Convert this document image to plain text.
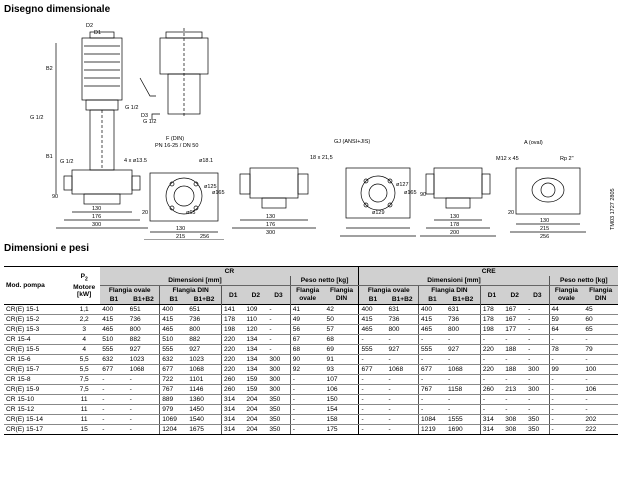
Disegno dimensionale
D2
D1
B2
B1
G 1/2
G 1/2
G 1/2
G 1/2
D3
F (DIN)
PN 16-25 / DN 50
4 x ø13.5	ø18.1
ø125
ø165
ø65
130
176
300
90
20
130
215	256
GJ (ANSI+JIS)
18 x 21,5
ø127
ø165
ø129
130
176
300
A (oval)
M12 x 45	Rp 2"
130
178
200
130
215
256
90
20	TM03 1727 2805
Dimensioni e pesi
Mod. pompa	$P_2$
Motore
[kW]	CR									CRE								
		Dimensioni [mm]							Peso netto [kg]		Dimensioni [mm]							Peso netto [kg]	
		Flangia ovale		Flangia DIN		D1	D2	D3	Flangia
ovale	Flangia
DIN	Flangia ovale		Flangia DIN		D1	D2	D3	Flangia
ovale	Flangia
DIN
		B1	B1+B2	B1	B1+B2						B1	B1+B2	B1	B1+B2					
CR(E) 15-1	1,1	400	651	400	651	141	109	-	41	42	400	631	400	631	178	167	-	44	45
CR(E) 15-2	2,2	415	736	415	736	178	110	-	49	50	415	736	415	736	178	167	-	59	60
CR(E) 15-3	3	465	800	465	800	198	120	-	56	57	465	800	465	800	198	177	-	64	65
CR 15-4	4	510	882	510	882	220	134	-	67	68	-	-	-	-	-	-	-	-	-
CR(E) 15-5	4	555	927	555	927	220	134	-	68	69	555	927	555	927	220	188	-	78	79
CR 15-6	5,5	632	1023	632	1023	220	134	300	90	91	-	-	-	-	-	-	-	-	-
CR(E) 15-7	5,5	677	1068	677	1068	220	134	300	92	93	677	1068	677	1068	220	188	300	99	100
CR 15-8	7,5	-	-	722	1101	260	159	300	-	107	-	-	-	-	-	-	-	-	-
CR(E) 15-9	7,5	-	-	767	1146	260	159	300	-	106	-	-	767	1158	260	213	300	-	106
CR 15-10	11	-	-	889	1360	314	204	350	-	150	-	-	-	-	-	-	-	-	-
CR 15-12	11	-	-	979	1450	314	204	350	-	154	-	-	-	-	-	-	-	-	-
CR(E) 15-14	11	-	-	1069	1540	314	204	350	-	158	-	-	1084	1555	314	308	350	-	202
CR(E) 15-17	15	-	-	1204	1675	314	204	350	-	175	-	-	1219	1690	314	308	350	-	222
